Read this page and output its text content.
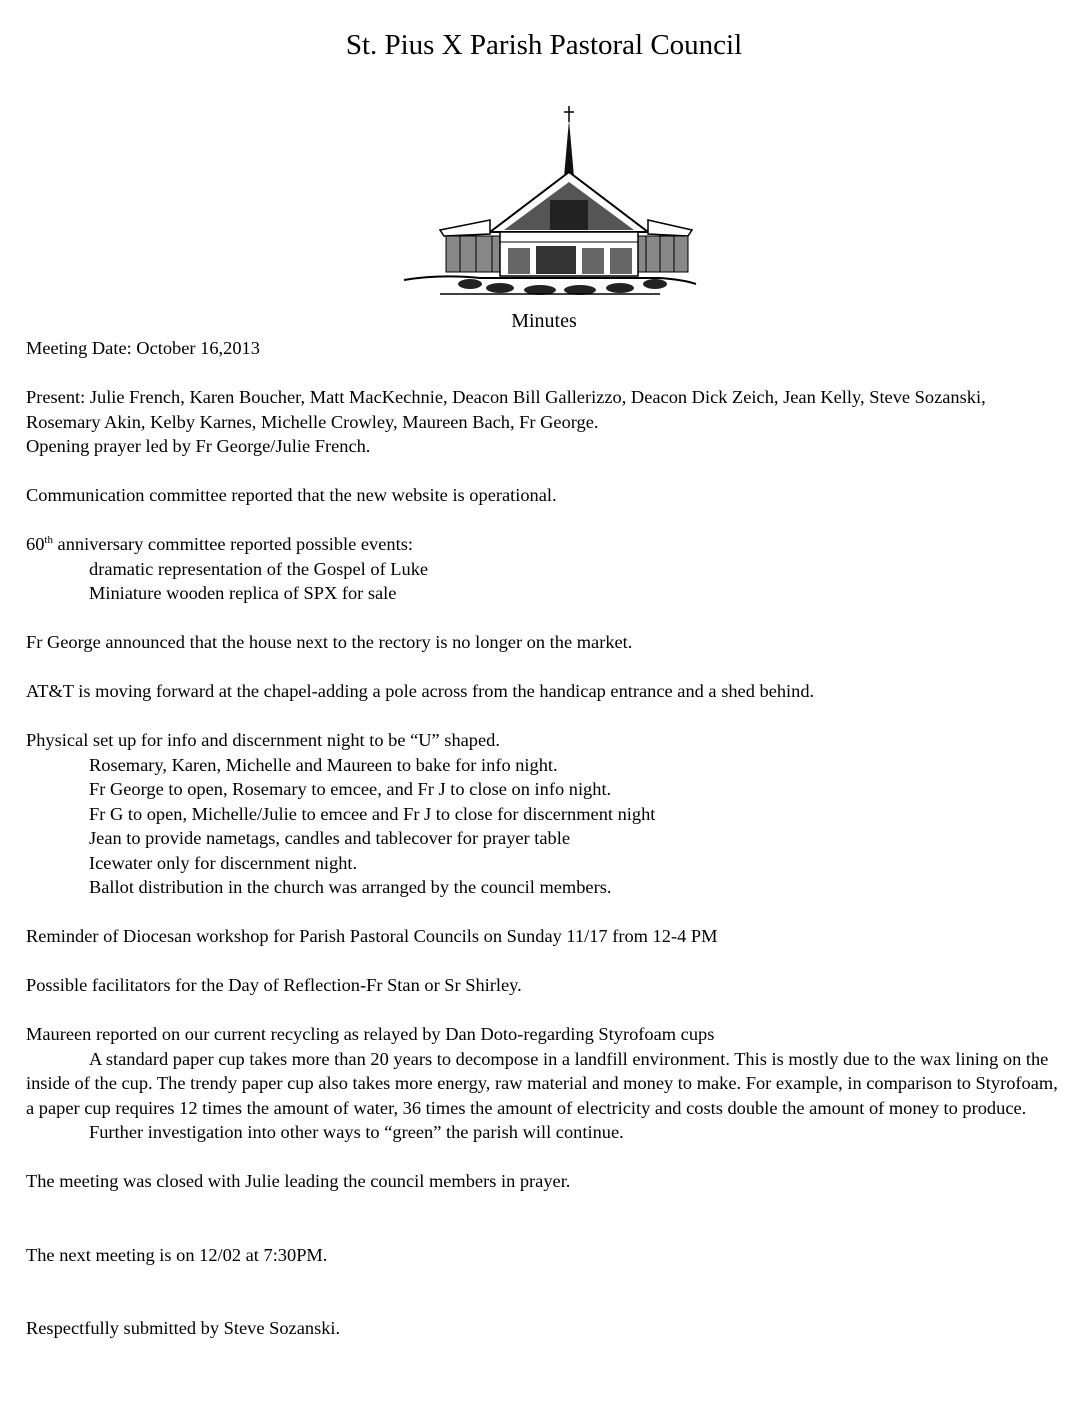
St. Pius X Parish Pastoral Council
Minutes

Meeting Date: October 16,2013

Present: Julie French, Karen Boucher, Matt MacKechnie, Deacon Bill Gallerizzo, Deacon Dick Zeich, Jean Kelly, Steve Sozanski, Rosemary Akin, Kelby Karnes, Michelle Crowley, Maureen Bach, Fr George.

Opening prayer led by Fr George/Julie French.

Communication committee reported that the new website is operational.

60th anniversary committee reported possible events:

dramatic representation of the Gospel of Luke

Miniature wooden replica of SPX for sale

Fr George announced that the house next to the rectory is no longer on the market.

AT&T is moving forward at the chapel-adding a pole across from the handicap entrance and a shed behind.

Physical set up for info and discernment night to be “U” shaped.

Rosemary, Karen, Michelle and Maureen to bake for info night.

Fr George to open, Rosemary to emcee, and Fr J to close on info night.

Fr G to open, Michelle/Julie to emcee and Fr J to close for discernment night

Jean to provide nametags, candles and tablecover for prayer table

Icewater only for discernment night.

Ballot distribution in the church was arranged by the council members.

Reminder of Diocesan workshop for Parish Pastoral Councils on Sunday 11/17 from 12-4 PM

Possible facilitators for the Day of Reflection-Fr Stan or Sr Shirley.

Maureen reported on our current recycling as relayed by Dan Doto-regarding Styrofoam cups

A standard paper cup takes more than 20 years to decompose in a landfill environment. This is mostly due to the wax lining on the inside of the cup. The trendy paper cup also takes more energy, raw material and money to make. For example, in comparison to Styrofoam, a paper cup requires 12 times the amount of water, 36 times the amount of electricity and costs double the amount of money to produce.

Further investigation into other ways to “green” the parish will continue.

The meeting was closed with Julie leading the council members in prayer.

The next meeting is on 12/02 at 7:30PM.

Respectfully submitted by Steve Sozanski.
